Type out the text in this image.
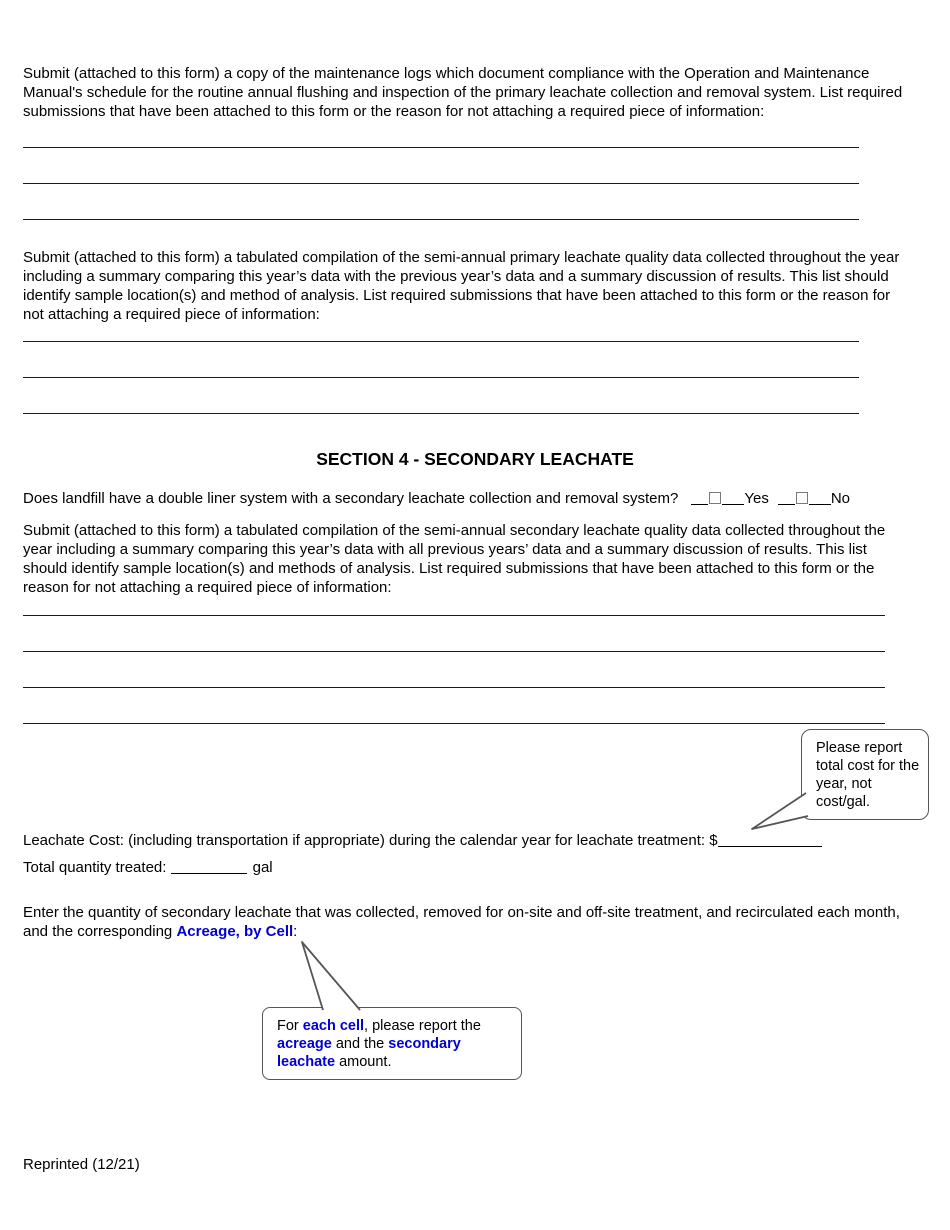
Submit (attached to this form) a copy of the maintenance logs which document compliance with the Operation and Maintenance Manual's schedule for the routine annual flushing and inspection of the primary leachate collection and removal system. List required submissions that have been attached to this form or the reason for not attaching a required piece of information:

Submit (attached to this form) a tabulated compilation of the semi-annual primary leachate quality data collected throughout the year including a summary comparing this year’s data with the previous year’s data and a summary discussion of results. This list should identify sample location(s) and method of analysis. List required submissions that have been attached to this form or the reason for not attaching a required piece of information:

SECTION 4 - SECONDARY LEACHATE
Does landfill have a double liner system with a secondary leachate collection and removal system?	Yes	No

Submit (attached to this form) a tabulated compilation of the semi-annual secondary leachate quality data collected throughout the year including a summary comparing this year’s data with all previous years’ data and a summary discussion of results. This list should identify sample location(s) and methods of analysis. List required submissions that have been attached to this form or the reason for not attaching a required piece of information:

Please report total cost for the year, not cost/gal.
Leachate Cost: (including transportation if appropriate) during the calendar year for leachate treatment: $
Total quantity treated:	gal

Enter the quantity of secondary leachate that was collected, removed for on-site and off-site treatment, and recirculated each month, and the corresponding Acreage, by Cell:

For each cell, please report the acreage and the secondary leachate amount.
Reprinted (12/21)
